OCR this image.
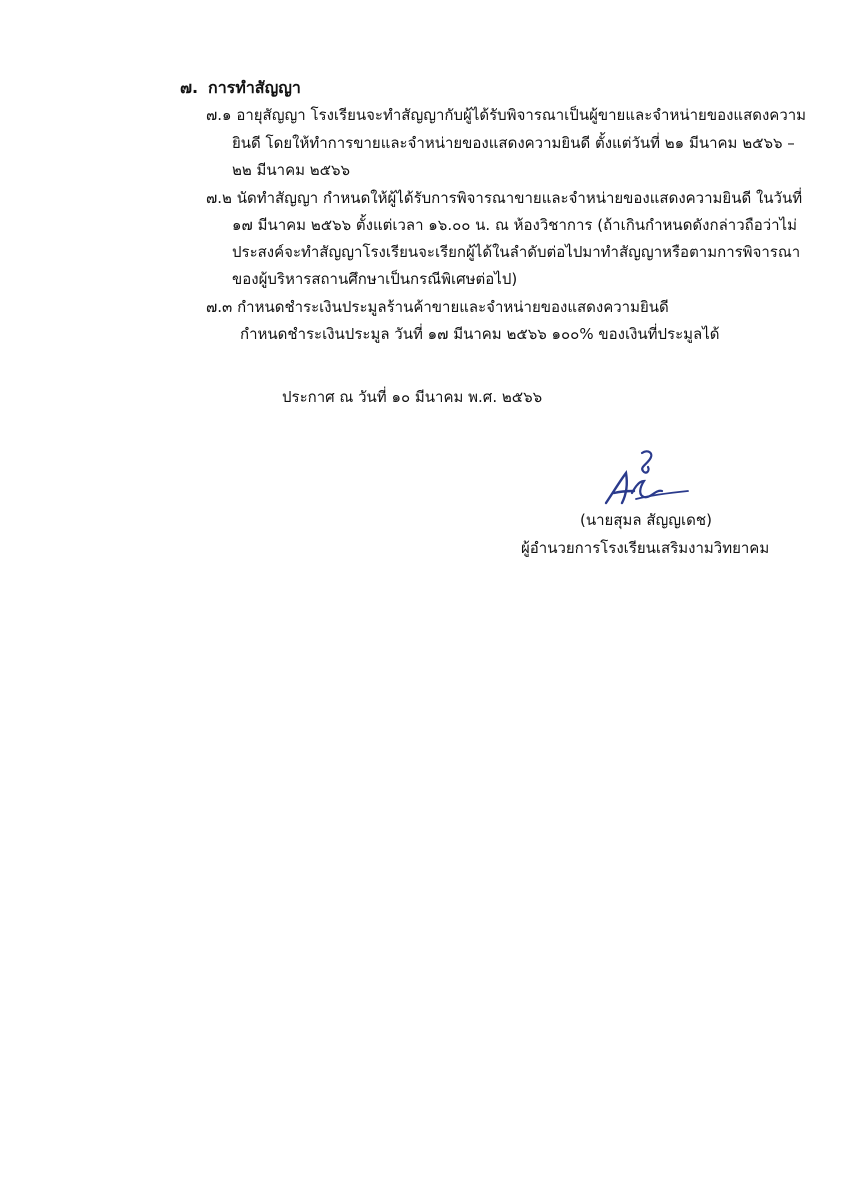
๗. การทำสัญญา
๗.๑ อายุสัญญา โรงเรียนจะทำสัญญากับผู้ได้รับพิจารณาเป็นผู้ขายและจำหน่ายของแสดงความ
ยินดี โดยให้ทำการขายและจำหน่ายของแสดงความยินดี ตั้งแต่วันที่ ๒๑ มีนาคม ๒๕๖๖ –
๒๒ มีนาคม ๒๕๖๖
๗.๒ นัดทำสัญญา กำหนดให้ผู้ได้รับการพิจารณาขายและจำหน่ายของแสดงความยินดี ในวันที่
๑๗ มีนาคม ๒๕๖๖ ตั้งแต่เวลา ๑๖.๐๐ น. ณ ห้องวิชาการ (ถ้าเกินกำหนดดังกล่าวถือว่าไม่
ประสงค์จะทำสัญญาโรงเรียนจะเรียกผู้ได้ในลำดับต่อไปมาทำสัญญาหรือตามการพิจารณา
ของผู้บริหารสถานศึกษาเป็นกรณีพิเศษต่อไป)
๗.๓ กำหนดชำระเงินประมูลร้านค้าขายและจำหน่ายของแสดงความยินดี
กำหนดชำระเงินประมูล วันที่ ๑๗ มีนาคม ๒๕๖๖ ๑๐๐% ของเงินที่ประมูลได้
ประกาศ ณ วันที่ ๑๐ มีนาคม พ.ศ. ๒๕๖๖
(นายสุมล สัญญเดช)
ผู้อำนวยการโรงเรียนเสริมงามวิทยาคม
